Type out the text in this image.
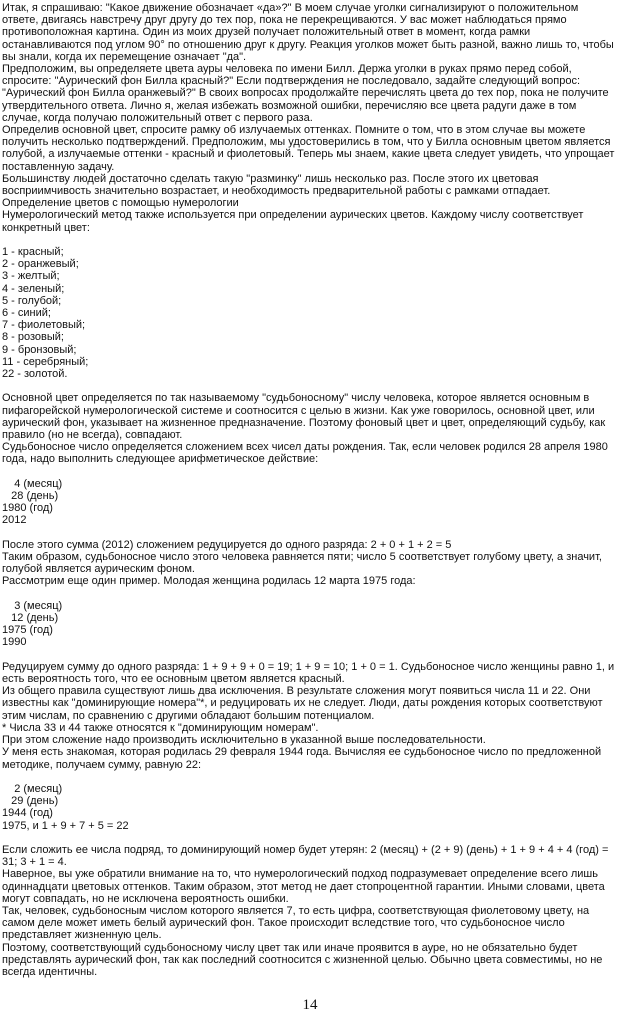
Итак, я спрашиваю: "Какое движение обозначает «да»?" В моем случае уголки сигнализируют о положительном ответе, двигаясь навстречу друг другу до тех пор, пока не перекрещиваются. У вас может наблюдаться прямо противоположная картина. Один из моих друзей получает положительный ответ в момент, когда рамки останавливаются под углом 90° по отношению друг к другу. Реакция уголков может быть разной, важно лишь то, чтобы вы знали, когда их перемещение означает "да".

Предположим, вы определяете цвета ауры человека по имени Билл. Держа уголки в руках прямо перед собой, спросите: "Аурический фон Билла красный?" Если подтверждения не последовало, задайте следующий вопрос: "Аурический фон Билла оранжевый?" В своих вопросах продолжайте перечислять цвета до тех пор, пока не получите утвердительного ответа. Лично я, желая избежать возможной ошибки, перечисляю все цвета радуги даже в том случае, когда получаю положительный ответ с первого раза.

Определив основной цвет, спросите рамку об излучаемых оттенках. Помните о том, что в этом случае вы можете получить несколько подтверждений. Предположим, мы удостоверились в том, что у Билла основным цветом является голубой, а излучаемые оттенки - красный и фиолетовый. Теперь мы знаем, какие цвета следует увидеть, что упрощает поставленную задачу.

Большинству людей достаточно сделать такую "разминку" лишь несколько раз. После этого их цветовая восприимчивость значительно возрастает, и необходимость предварительной работы с рамками отпадает.

Определение цветов с помощью нумерологии

Нумерологический метод также используется при определении аурических цветов. Каждому числу соответствует конкретный цвет:

1 - красный;

2 - оранжевый;

3 - желтый;

4 - зеленый;

5 - голубой;

6 - синий;

7 - фиолетовый;

8 - розовый;

9 - бронзовый;

11 - серебряный;

22 - золотой.

Основной цвет определяется по так называемому "судьбоносному" числу человека, которое является основным в пифагорейской нумерологической системе и соотносится с целью в жизни. Как уже говорилось, основной цвет, или аурический фон, указывает на жизненное предназначение. Поэтому фоновый цвет и цвет, определяющий судьбу, как правило (но не всегда), совпадают.

Судьбоносное число определяется сложением всех чисел даты рождения. Так, если человек родился 28 апреля 1980 года, надо выполнить следующее арифметическое действие:

4 (месяц)

28 (день)

1980 (год)

2012

После этого сумма (2012) сложением редуцируется до одного разряда: 2 + 0 + 1 + 2 = 5

Таким образом, судьбоносное число этого человека равняется пяти; число 5 соответствует голубому цвету, а значит, голубой является аурическим фоном.

Рассмотрим еще один пример. Молодая женщина родилась 12 марта 1975 года:

3 (месяц)

12 (день)

1975 (год)

1990

Редуцируем сумму до одного разряда: 1 + 9 + 9 + 0 = 19; 1 + 9 = 10; 1 + 0 = 1. Судьбоносное число женщины равно 1, и есть вероятность того, что ее основным цветом является красный.

Из общего правила существуют лишь два исключения. В результате сложения могут появиться числа 11 и 22. Они известны как "доминирующие номера"*, и редуцировать их не следует. Люди, даты рождения которых соответствуют этим числам, по сравнению с другими обладают большим потенциалом.

* Числа 33 и 44 также относятся к "доминирующим номерам".

При этом сложение надо производить исключительно в указанной выше последовательности.

У меня есть знакомая, которая родилась 29 февраля 1944 года. Вычисляя ее судьбоносное число по предложенной методике, получаем сумму, равную 22:

2 (месяц)

29 (день)

1944 (год)

1975, и 1 + 9 + 7 + 5 = 22

Если сложить ее числа подряд, то доминирующий номер будет утерян: 2 (месяц) + (2 + 9) (день) + 1 + 9 + 4 + 4 (год) = 31; 3 + 1 = 4.

Наверное, вы уже обратили внимание на то, что нумерологический подход подразумевает определение всего лишь одиннадцати цветовых оттенков. Таким образом, этот метод не дает стопроцентной гарантии. Иными словами, цвета могут совпадать, но не исключена вероятность ошибки.

Так, человек, судьбоносным числом которого является 7, то есть цифра, соответствующая фиолетовому цвету, на самом деле может иметь белый аурический фон. Такое происходит вследствие того, что судьбоносное число представляет жизненную цель.

Поэтому, соответствующий судьбоносному числу цвет так или иначе проявится в ауре, но не обязательно будет представлять аурический фон, так как последний соотносится с жизненной целью. Обычно цвета совместимы, но не всегда идентичны.

14
